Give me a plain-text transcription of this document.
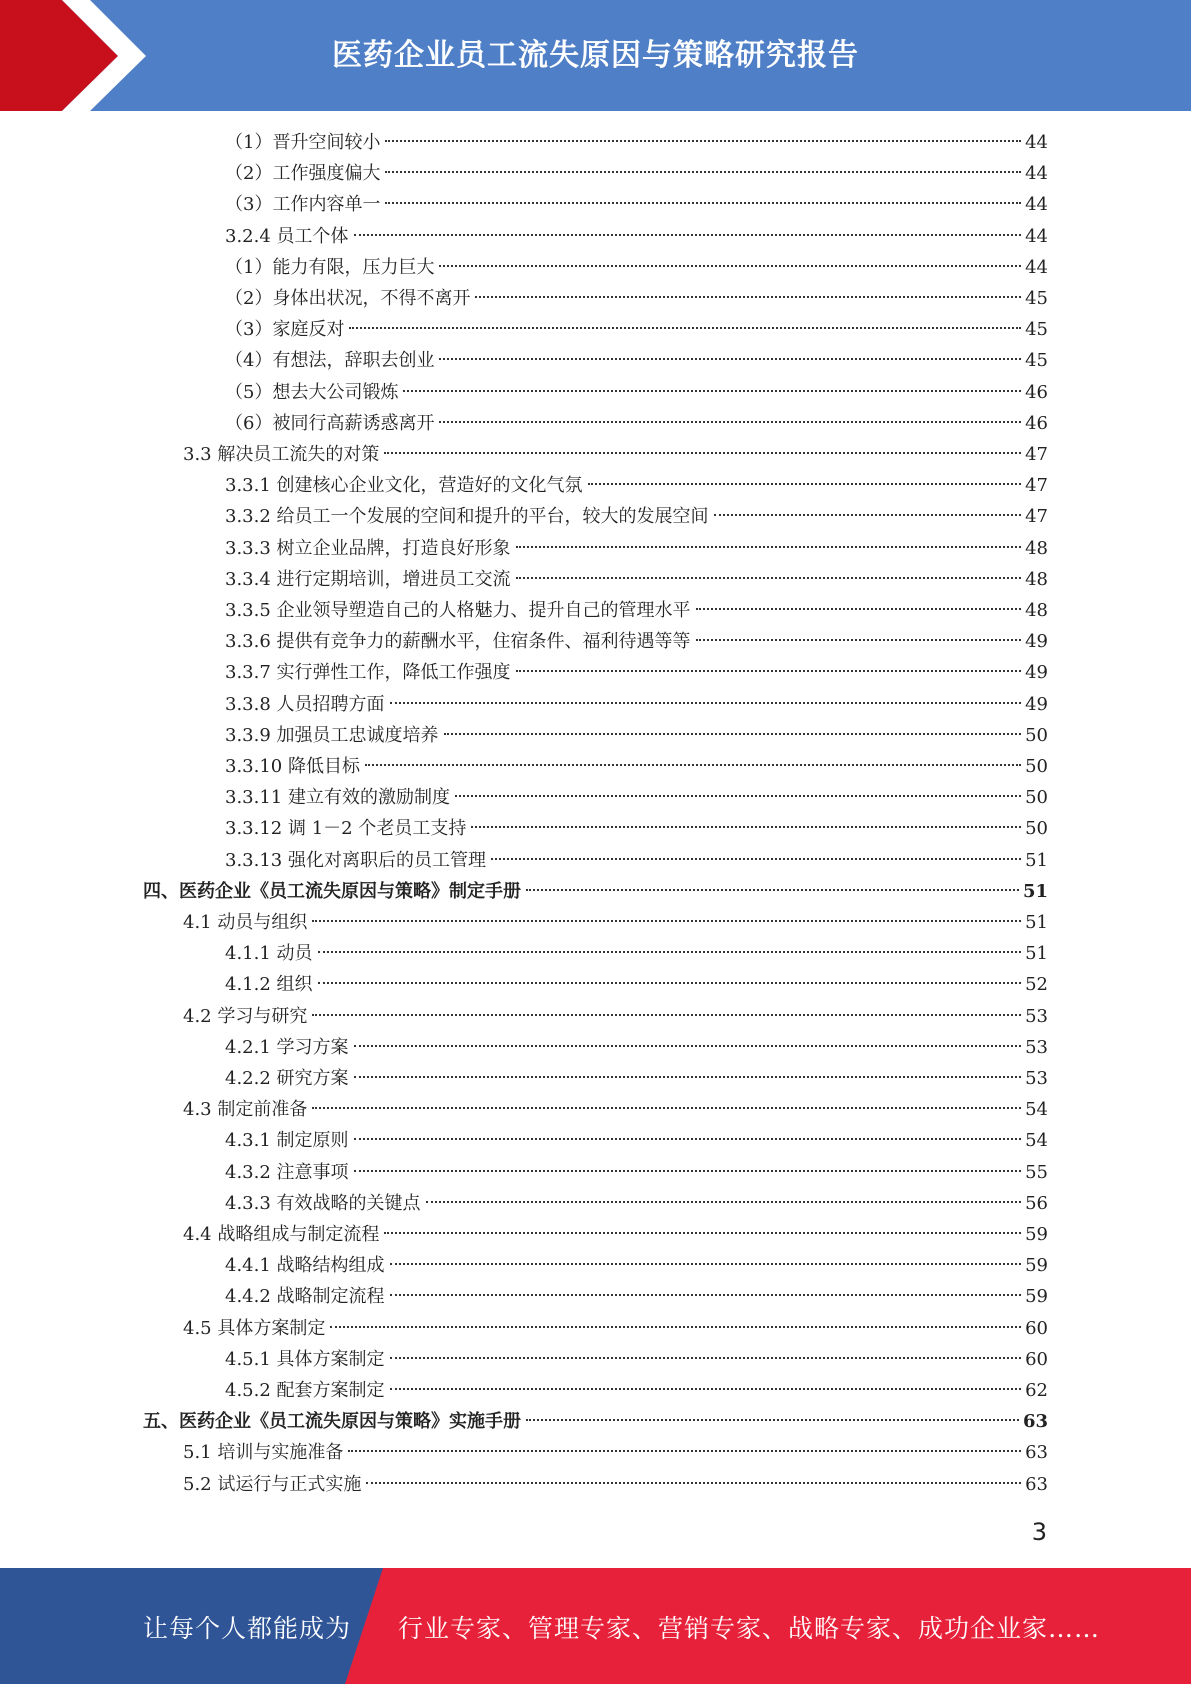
医药企业员工流失原因与策略研究报告
（1）晋升空间较小	44
（2）工作强度偏大	44
（3）工作内容单一	44
3.2.4 员工个体	44
（1）能力有限，压力巨大	44
（2）身体出状况，不得不离开	45
（3）家庭反对	45
（4）有想法，辞职去创业	45
（5）想去大公司锻炼	46
（6）被同行高薪诱惑离开	46
3.3 解决员工流失的对策	47
3.3.1 创建核心企业文化，营造好的文化气氛	47
3.3.2 给员工一个发展的空间和提升的平台，较大的发展空间	47
3.3.3 树立企业品牌，打造良好形象	48
3.3.4 进行定期培训，增进员工交流	48
3.3.5 企业领导塑造自己的人格魅力、提升自己的管理水平	48
3.3.6 提供有竞争力的薪酬水平，住宿条件、福利待遇等等	49
3.3.7 实行弹性工作，降低工作强度	49
3.3.8 人员招聘方面	49
3.3.9 加强员工忠诚度培养	50
3.3.10 降低目标	50
3.3.11 建立有效的激励制度	50
3.3.12 调 1－2 个老员工支持	50
3.3.13 强化对离职后的员工管理	51
四、医药企业《员工流失原因与策略》制定手册	51
4.1 动员与组织	51
4.1.1 动员	51
4.1.2 组织	52
4.2 学习与研究	53
4.2.1 学习方案	53
4.2.2 研究方案	53
4.3 制定前准备	54
4.3.1 制定原则	54
4.3.2 注意事项	55
4.3.3 有效战略的关键点	56
4.4 战略组成与制定流程	59
4.4.1 战略结构组成	59
4.4.2 战略制定流程	59
4.5 具体方案制定	60
4.5.1 具体方案制定	60
4.5.2 配套方案制定	62
五、医药企业《员工流失原因与策略》实施手册	63
5.1 培训与实施准备	63
5.2 试运行与正式实施	63
3
让每个人都能成为 行业专家、管理专家、营销专家、战略专家、成功企业家……
